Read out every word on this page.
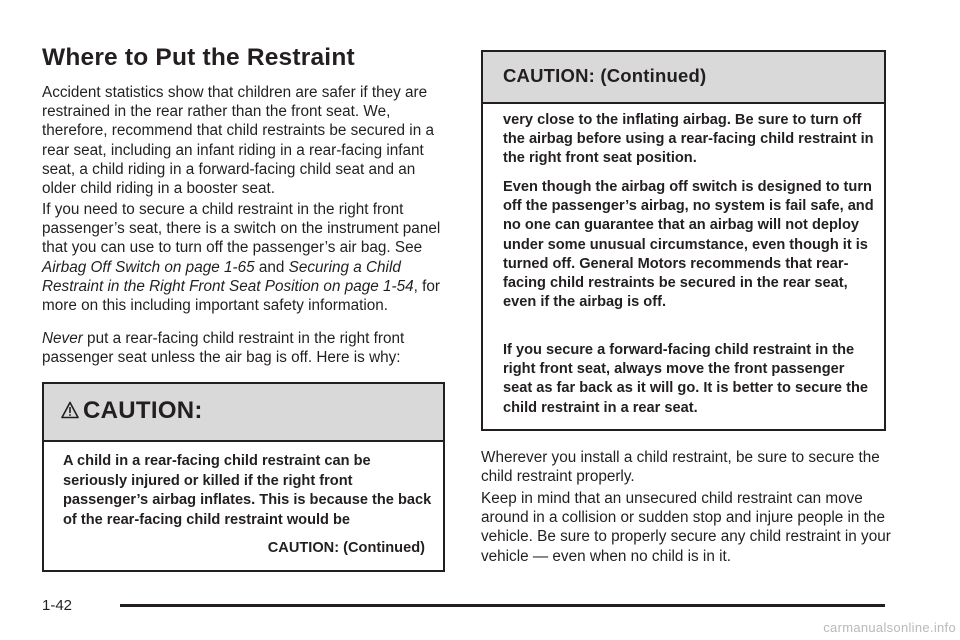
Where to Put the Restraint

Accident statistics show that children are safer if they are restrained in the rear rather than the front seat. We, therefore, recommend that child restraints be secured in a rear seat, including an infant riding in a rear-facing infant seat, a child riding in a forward-facing child seat and an older child riding in a booster seat.

If you need to secure a child restraint in the right front passenger’s seat, there is a switch on the instrument panel that you can use to turn off the passenger’s air bag. See Airbag Off Switch on page 1-65 and Securing a Child Restraint in the Right Front Seat Position on page 1-54, for more on this including important safety information.

Never put a rear-facing child restraint in the right front passenger seat unless the air bag is off. Here is why:

CAUTION:

A child in a rear-facing child restraint can be seriously injured or killed if the right front passenger’s airbag inflates. This is because the back of the rear-facing child restraint would be

CAUTION: (Continued)
CAUTION: (Continued)

very close to the inflating airbag. Be sure to turn off the airbag before using a rear-facing child restraint in the right front seat position.

Even though the airbag off switch is designed to turn off the passenger’s airbag, no system is fail safe, and no one can guarantee that an airbag will not deploy under some unusual circumstance, even though it is turned off. General Motors recommends that rear-facing child restraints be secured in the rear seat, even if the airbag is off.

If you secure a forward-facing child restraint in the right front seat, always move the front passenger seat as far back as it will go. It is better to secure the child restraint in a rear seat.

Wherever you install a child restraint, be sure to secure the child restraint properly.

Keep in mind that an unsecured child restraint can move around in a collision or sudden stop and injure people in the vehicle. Be sure to properly secure any child restraint in your vehicle — even when no child is in it.

1-42
carmanualsonline.info
